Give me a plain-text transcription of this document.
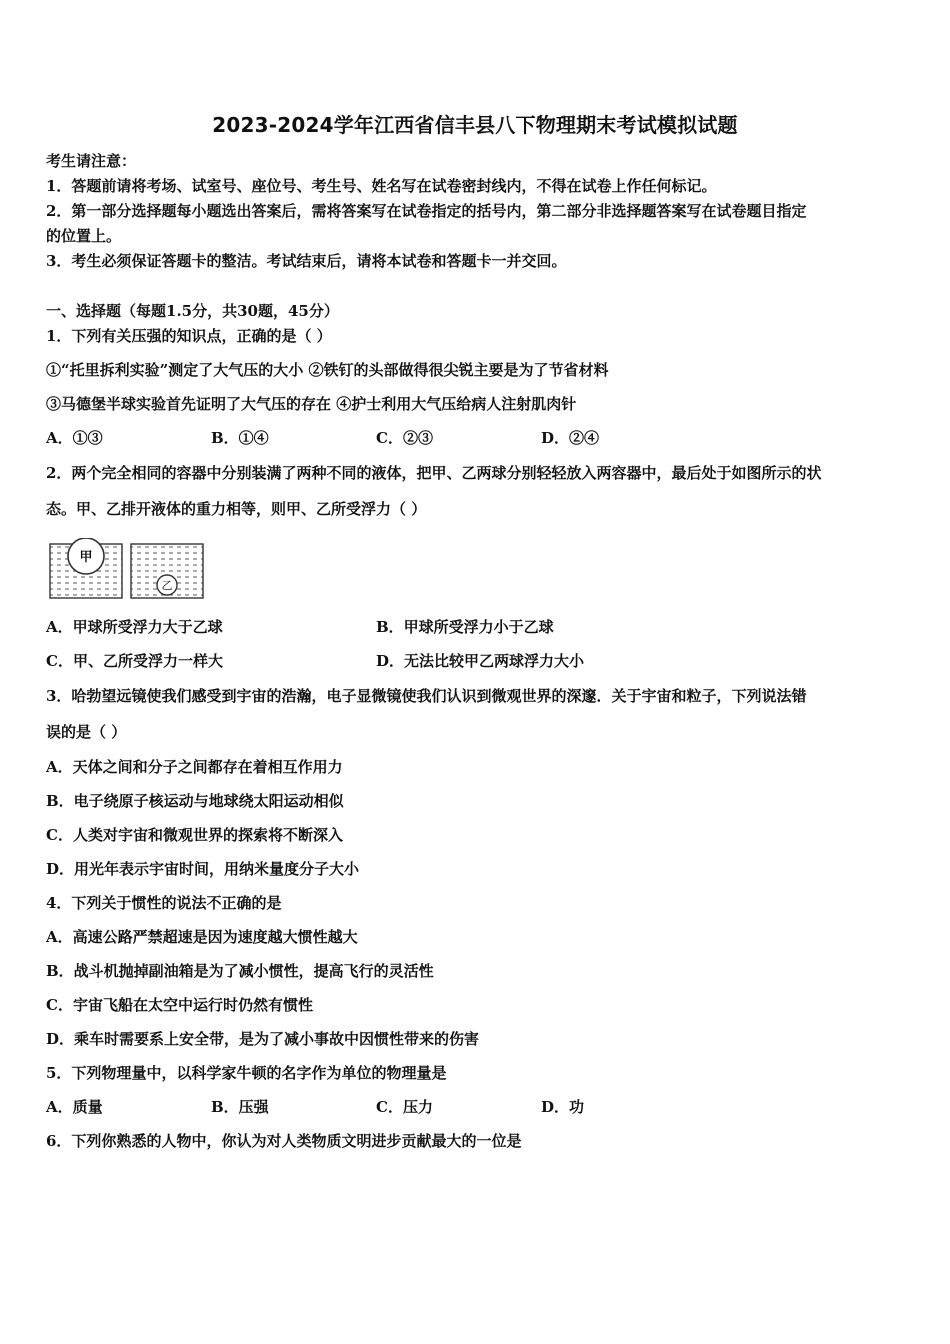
2023-2024学年江西省信丰县八下物理期末考试模拟试题
考生请注意：
1．答题前请将考场、试室号、座位号、考生号、姓名写在试卷密封线内，不得在试卷上作任何标记。
2．第一部分选择题每小题选出答案后，需将答案写在试卷指定的括号内，第二部分非选择题答案写在试卷题目指定
的位置上。
3．考生必须保证答题卡的整洁。考试结束后，请将本试卷和答题卡一并交回。
一、选择题（每题1.5分，共30题，45分）
1．下列有关压强的知识点，正确的是（ ）
①“托里拆利实验”测定了大气压的大小 ②铁钉的头部做得很尖锐主要是为了节省材料
③马德堡半球实验首先证明了大气压的存在 ④护士利用大气压给病人注射肌肉针
A．①③	B．①④	C．②③	D．②④
2．两个完全相同的容器中分别装满了两种不同的液体，把甲、乙两球分别轻轻放入两容器中，最后处于如图所示的状
态。甲、乙排开液体的重力相等，则甲、乙所受浮力（ ）
甲
乙
A．甲球所受浮力大于乙球	B．甲球所受浮力小于乙球
C．甲、乙所受浮力一样大	D．无法比较甲乙两球浮力大小
3．哈勃望远镜使我们感受到宇宙的浩瀚，电子显微镜使我们认识到微观世界的深邃．关于宇宙和粒子，下列说法错
误的是（ ）
A．天体之间和分子之间都存在着相互作用力
B．电子绕原子核运动与地球绕太阳运动相似
C．人类对宇宙和微观世界的探索将不断深入
D．用光年表示宇宙时间，用纳米量度分子大小
4．下列关于惯性的说法不正确的是
A．高速公路严禁超速是因为速度越大惯性越大
B．战斗机抛掉副油箱是为了减小惯性，提高飞行的灵活性
C．宇宙飞船在太空中运行时仍然有惯性
D．乘车时需要系上安全带，是为了减小事故中因惯性带来的伤害
5．下列物理量中，以科学家牛顿的名字作为单位的物理量是
A．质量	B．压强	C．压力	D．功
6．下列你熟悉的人物中，你认为对人类物质文明进步贡献最大的一位是
